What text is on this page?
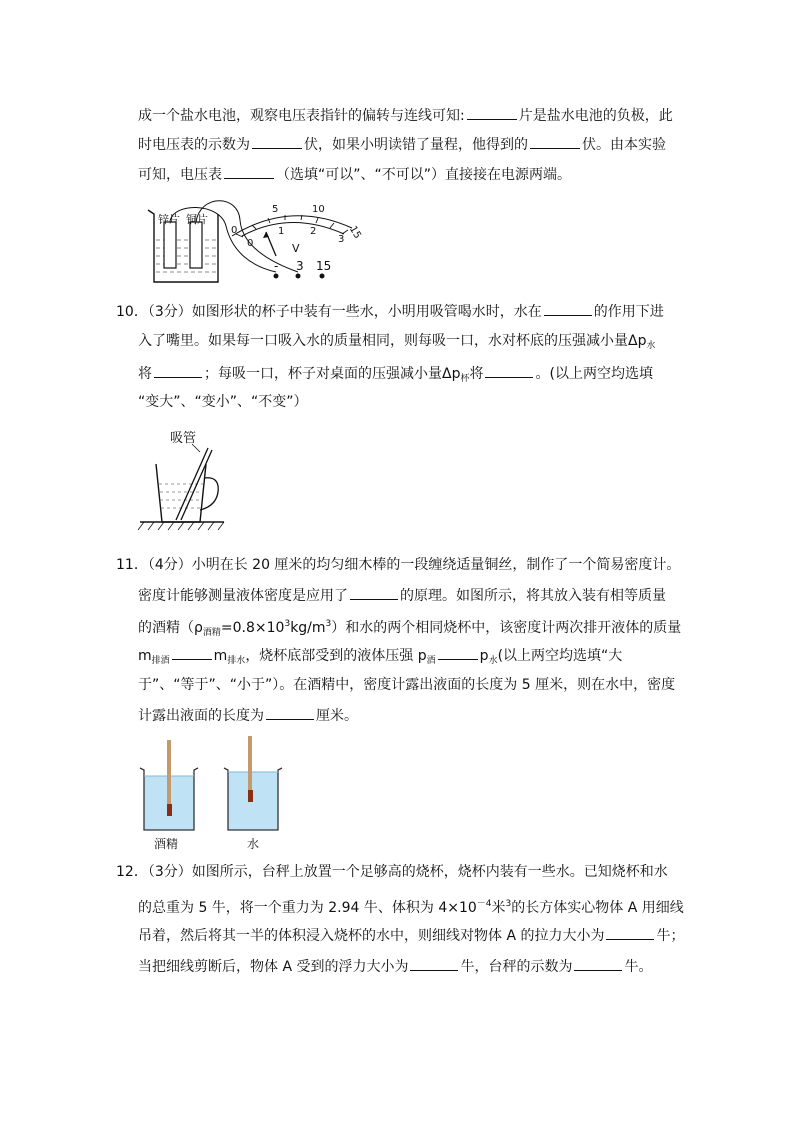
成一个盐水电池，观察电压表指针的偏转与连线可知:	片是盐水电池的负极，此
时电压表的示数为	伏，如果小明读错了量程，他得到的	伏。由本实验
可知，电压表	（选填“可以”、“不可以”）直接接在电源两端。
锌片 铜片
0
5	10
15
0
1	2
3
V
- 3 15
10．（3分）如图形状的杯子中装有一些水，小明用吸管喝水时，水在	的作用下进
入了嘴里。如果每一口吸入水的质量相同，则每吸一口，水对杯底的压强减小量$\Delta p_水$
将	；每吸一口，杯子对桌面的压强减小量$\Delta p_杯$将	。(以上两空均选填
“变大”、“变小”、“不变”）
吸管
11．（4分）小明在长 20 厘米的均匀细木棒的一段缠绕适量铜丝，制作了一个简易密度计。
密度计能够测量液体密度是应用了	的原理。如图所示，将其放入装有相等质量
的酒精$(\rho_{酒精}=0.8\times 10^3kg/m^3)$和水的两个相同烧杯中，该密度计两次排开液体的质量
$m_{排酒}$	$m_{排水}$，烧杯底部受到的液体压强 $p_酒$	$p_水$(以上两空均选填“大
于”、“等于”、“小于”）。在酒精中，密度计露出液面的长度为 5 厘米，则在水中，密度
计露出液面的长度为	厘米。
酒精	水
12．（3分）如图所示，台秤上放置一个足够高的烧杯，烧杯内装有一些水。已知烧杯和水
的总重为 5 牛，将一个重力为 2.94 牛、体积为 $4\times 10^{-4}$米$^3$的长方体实心物体 A 用细线
吊着，然后将其一半的体积浸入烧杯的水中，则细线对物体 A 的拉力大小为	牛；
当把细线剪断后，物体 A 受到的浮力大小为	牛，台秤的示数为	牛。
